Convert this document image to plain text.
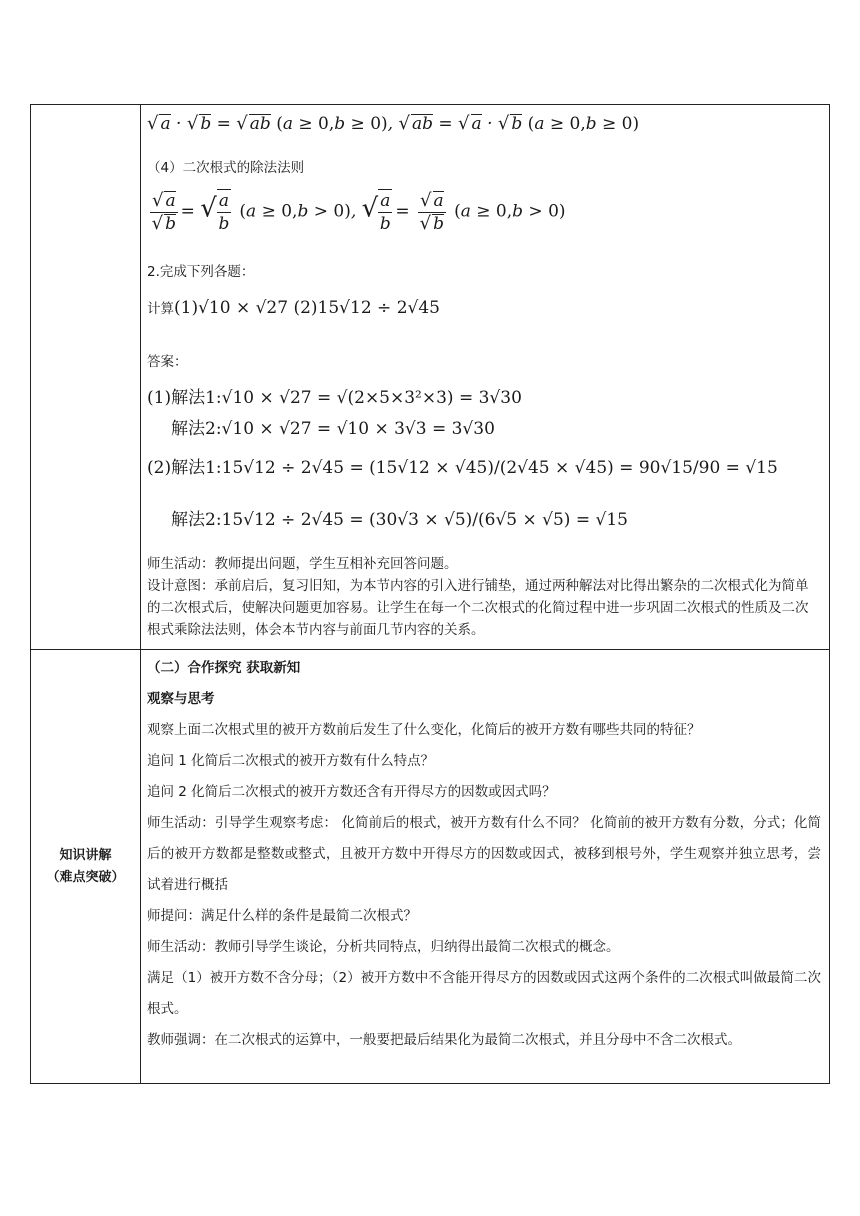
知识讲解
（难点突破）
√ a · √ b = √ ab (a ≥ 0,b ≥ 0), √ ab = √ a · √ b (a ≥ 0,b ≥ 0)
（4）二次根式的除法法则
$\frac{√ a}{√ b}$ = √ $\frac{a}{b} (a \ge 0,b > 0)$, √ $\frac{a}{b} = \frac{√ a}{√ b} (a \ge 0,b > 0)$
2.完成下列各题：
计算(1)√10 × √27 (2)15√12 ÷ 2√45
答案：
(1)解法1:√10 × √27 = √(2×5×3²×3) = 3√30
解法2:√10 × √27 = √10 × 3√3 = 3√30
(2)解法1:15√12 ÷ 2√45 = (15√12 × √45)/(2√45 × √45) = 90√15/90 = √15
解法2:15√12 ÷ 2√45 = (30√3 × √5)/(6√5 × √5) = √15
师生活动：教师提出问题，学生互相补充回答问题。
设计意图：承前启后，复习旧知，为本节内容的引入进行铺垫，通过两种解法对比得出繁杂的二次根式化为简单的二次根式后，使解决问题更加容易。让学生在每一个二次根式的化简过程中进一步巩固二次根式的性质及二次根式乘除法法则，体会本节内容与前面几节内容的关系。

（二）合作探究 获取新知

观察与思考

观察上面二次根式里的被开方数前后发生了什么变化，化简后的被开方数有哪些共同的特征？

追问 1 化简后二次根式的被开方数有什么特点？

追问 2 化简后二次根式的被开方数还含有开得尽方的因数或因式吗？

师生活动：引导学生观察考虑： 化简前后的根式，被开方数有什么不同？ 化简前的被开方数有分数，分式；化简后的被开方数都是整数或整式，且被开方数中开得尽方的因数或因式，被移到根号外，学生观察并独立思考，尝试着进行概括

师提问：满足什么样的条件是最简二次根式？

师生活动：教师引导学生谈论，分析共同特点，归纳得出最简二次根式的概念。

满足（1）被开方数不含分母；（2）被开方数中不含能开得尽方的因数或因式这两个条件的二次根式叫做最简二次根式。

教师强调：在二次根式的运算中，一般要把最后结果化为最简二次根式，并且分母中不含二次根式。
